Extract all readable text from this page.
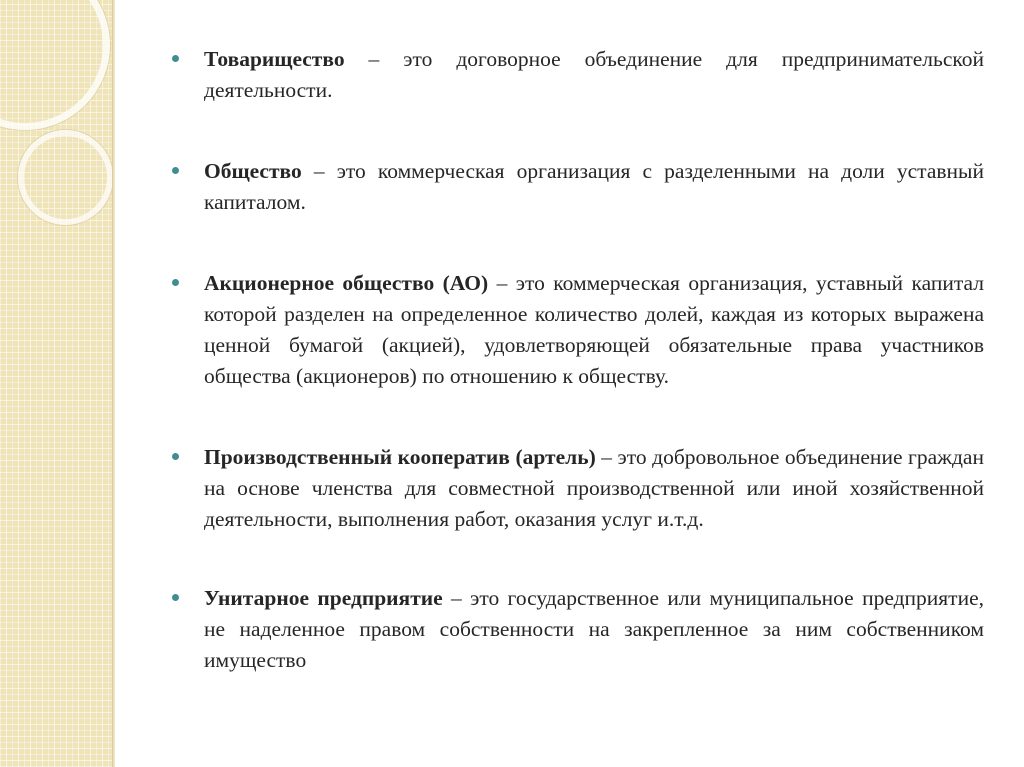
Товарищество – это договорное объединение для предпринимательской деятельности.
Общество – это коммерческая организация с разделенными на доли уставный капиталом.
Акционерное общество (АО) – это коммерческая организация, уставный капитал которой разделен на определенное количество долей, каждая из которых выражена ценной бумагой (акцией), удовлетворяющей обязательные права участников общества (акционеров) по отношению к обществу.
Производственный кооператив (артель) – это добровольное объединение граждан на основе членства для совместной производственной или иной хозяйственной деятельности, выполнения работ, оказания услуг и.т.д.
Унитарное предприятие – это государственное или муниципальное предприятие, не наделенное правом собственности на закрепленное за ним собственником имущество
